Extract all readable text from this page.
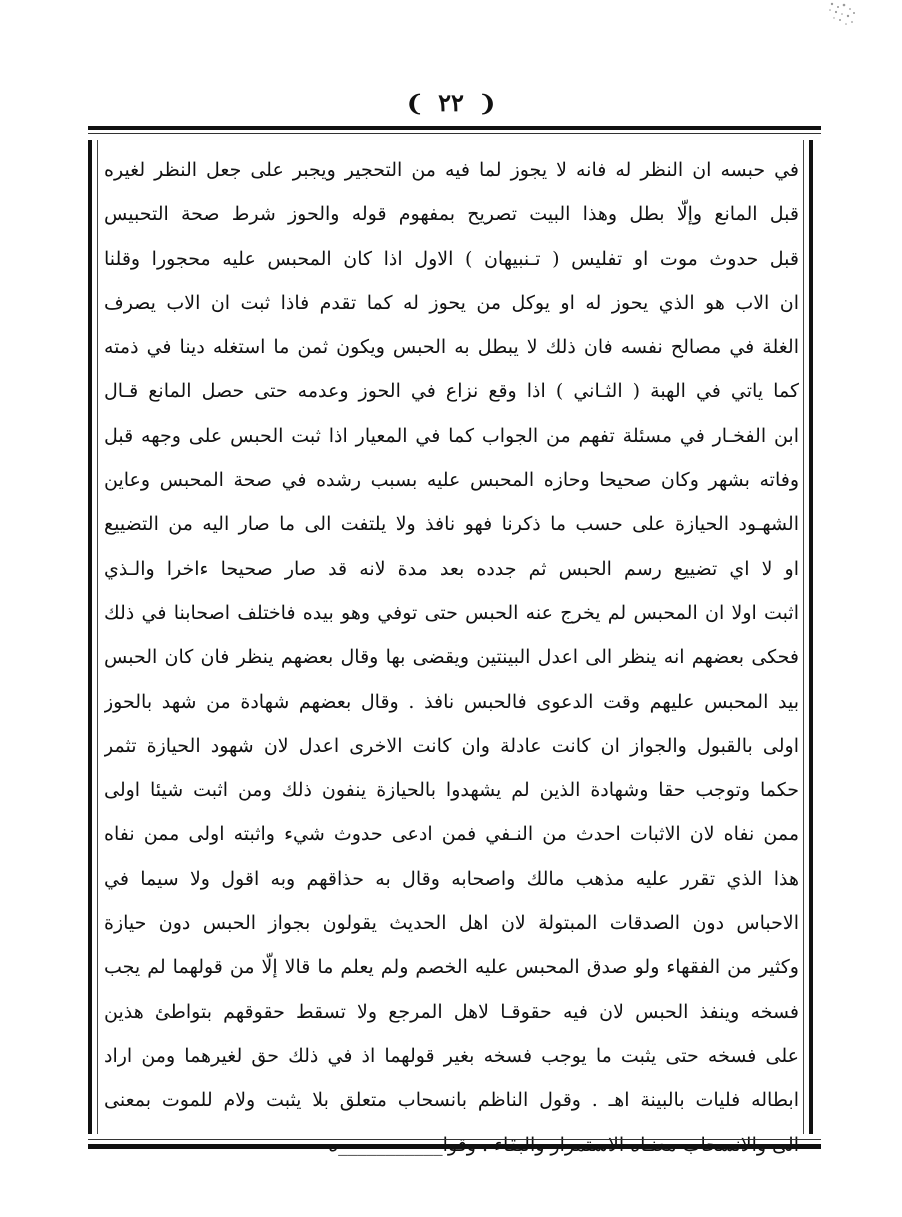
❨ ٢٢ ❩
في حبسه ان النظر له فانه لا يجوز لما فيه من التحجير ويجبر على جعل النظر لغيره
قبل المانع وإلّا بطل وهذا البيت تصريح بمفهوم قوله والحوز شرط صحة التحبيس
قبل حدوث موت او تفليس ( تـنبيهان ) الاول اذا كان المحبس عليه محجورا وقلنا
ان الاب هو الذي يحوز له او يوكل من يحوز له كما تقدم فاذا ثبت ان الاب يصرف
الغلة في مصالح نفسه فان ذلك لا يبطل به الحبس ويكون ثمن ما استغله دينا في ذمته
كما ياتي في الهبة ( الثـاني ) اذا وقع نزاع في الحوز وعدمه حتى حصل المانع قـال
ابن الفخـار في مسئلة تفهم من الجواب كما في المعيار اذا ثبت الحبس على وجهه قبل
وفاته بشهر وكان صحيحا وحازه المحبس عليه بسبب رشده في صحة المحبس وعاين
الشهـود الحيازة على حسب ما ذكرنا فهو نافذ ولا يلتفت الى ما صار اليه من التضييع
او لا اي تضييع رسم الحبس ثم جدده بعد مدة لانه قد صار صحيحا ءاخرا والـذي
اثبت اولا ان المحبس لم يخرج عنه الحبس حتى توفي وهو بيده فاختلف اصحابنا في ذلك
فحكى بعضهم انه ينظر الى اعدل البينتين ويقضى بها وقال بعضهم ينظر فان كان الحبس
بيد المحبس عليهم وقت الدعوى فالحبس نافذ . وقال بعضهم شهادة من شهد بالحوز
اولى بالقبول والجواز ان كانت عادلة وان كانت الاخرى اعدل لان شهود الحيازة تثمر
حكما وتوجب حقا وشهادة الذين لم يشهدوا بالحيازة ينفون ذلك ومن اثبت شيئا اولى
ممن نفاه لان الاثبات احدث من النـفي فمن ادعى حدوث شيء واثبته اولى ممن نفاه
هذا الذي تقرر عليه مذهب مالك واصحابه وقال به حذاقهم وبه اقول ولا سيما في
الاحباس دون الصدقات المبتولة لان اهل الحديث يقولون بجواز الحبس دون حيازة
وكثير من الفقهاء ولو صدق المحبس عليه الخصم ولم يعلم ما قالا إلّا من قولهما لم يجب
فسخه وينفذ الحبس لان فيه حقوقـا لاهل المرجع ولا تسقط حقوقهم بتواطئ هذين
على فسخه حتى يثبت ما يوجب فسخه بغير قولهما اذ في ذلك حق لغيرهما ومن اراد
ابطاله فليات بالبينة اهـ . وقول الناظم بانسحاب متعلق بلا يثبت ولام للموت بمعنى
